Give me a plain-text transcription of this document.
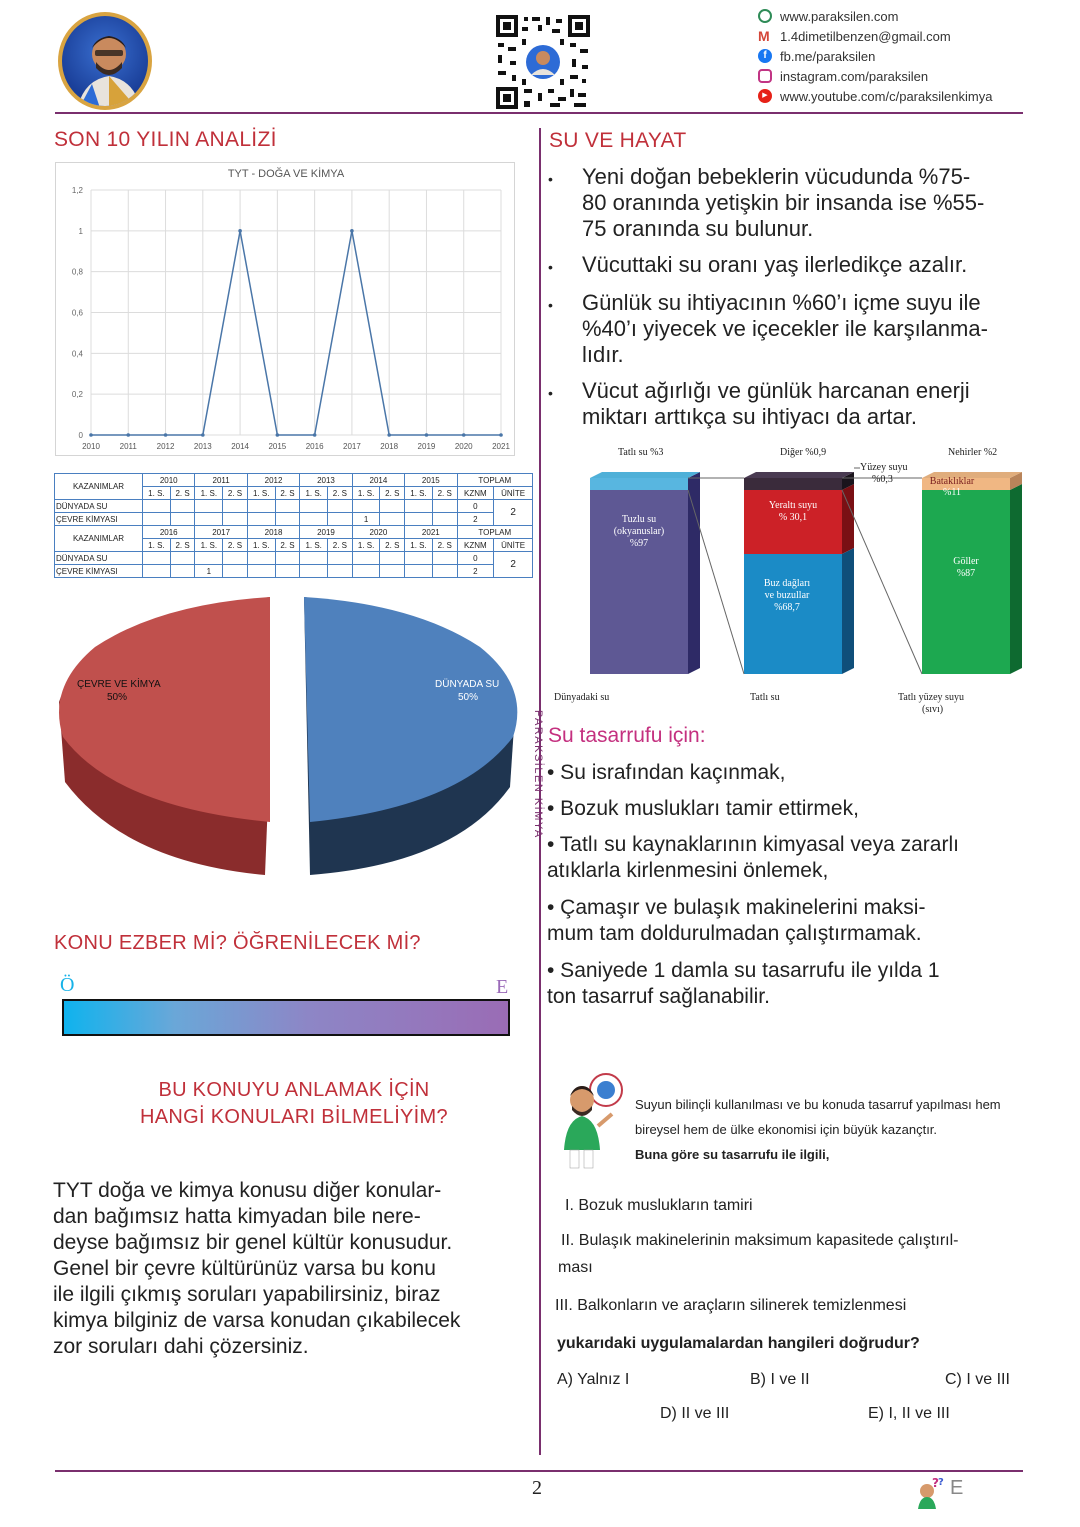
www.paraksilen.com
M 1.4dimetilbenzen@gmail.com
f	fb.me/paraksilen
instagram.com/paraksilen
▶ www.youtube.com/c/paraksilenkimya
PARAKSİLEN KİMYA
SON 10 YILIN ANALİZİ
TYT - DOĞA VE KİMYA
0
0,2
0,4
0,6
0,8
1
1,2
2010 2011 2012 2013 2014 2015 2016 2017 2018 2019 2020 2021
KAZANIMLAR	2010		2011		2012		2013		2014		2015		TOPLAM	
	1. S.	2. S	1. S.	2. S	1. S.	2. S	1. S.	2. S	1. S.	2. S	1. S.	2. S	KZNM	ÜNİTE
DÜNYADA SU													0	2
ÇEVRE KİMYASI									1				2	
KAZANIMLAR	2016		2017		2018		2019		2020		2021		TOPLAM	
	1. S.	2. S	1. S.	2. S	1. S.	2. S	1. S.	2. S	1. S.	2. S	1. S.	2. S	KZNM	ÜNİTE
DÜNYADA SU													0	2
ÇEVRE KİMYASI			1										2	
ÇEVRE VE KİMYA
50%
DÜNYADA SU
50%
KONU EZBER Mİ? ÖĞRENİLECEK Mİ?
Ö	E
BU KONUYU ANLAMAK İÇİN
HANGİ KONULARI BİLMELİYİM?
TYT doğa ve kimya konusu diğer konular-
dan bağımsız hatta kimyadan bile nere-
deyse bağımsız bir genel kültür konusudur.
Genel bir çevre kültürünüz varsa bu konu
ile ilgili çıkmış soruları yapabilirsiniz, biraz
kimya bilginiz de varsa konudan çıkabilecek
zor soruları dahi çözersiniz.
SU VE HAYAT
•	Yeni doğan bebeklerin vücudunda %75-
80 oranında yetişkin bir insanda ise %55-
75 oranında su bulunur.
•	Vücuttaki su oranı yaş ilerledikçe azalır.
•	Günlük su ihtiyacının %60’ı içme suyu ile
%40’ı yiyecek ve içecekler ile karşılanma-
lıdır.
•	Vücut ağırlığı ve günlük harcanan enerji
miktarı arttıkça su ihtiyacı da artar.
Tatlı su %3	Diğer %0,9
Yüzey suyu
%0,3
Nehirler %2
Tuzlu su
(okyanuslar)
%97
Yeraltı suyu
% 30,1
Buz dağları
ve buzullar
%68,7
Bataklıklar
%11
Göller
%87
Dünyadaki su	Tatlı su	Tatlı yüzey suyu
(sıvı)
Su tasarrufu için:
• Su israfından kaçınmak,
• Bozuk muslukları tamir ettirmek,
• Tatlı su kaynaklarının kimyasal veya zararlı
atıklarla kirlenmesini önlemek,
• Çamaşır ve bulaşık makinelerini maksi-
mum tam doldurulmadan çalıştırmamak.
• Saniyede 1 damla su tasarrufu ile yılda 1
ton tasarruf sağlanabilir.
Suyun bilinçli kullanılması ve bu konuda tasarruf yapılması hem
bireysel hem de ülke ekonomisi için büyük kazançtır.
Buna göre su tasarrufu ile ilgili,
I. Bozuk muslukların tamiri
II. Bulaşık makinelerinin maksimum kapasitede çalıştırıl-
ması
III. Balkonların ve araçların silinerek temizlenmesi
yukarıdaki uygulamalardan hangileri doğrudur?
A) Yalnız I	B) I ve II	C) I ve III
D) II ve III	E) I, II ve III
2	? ? E
